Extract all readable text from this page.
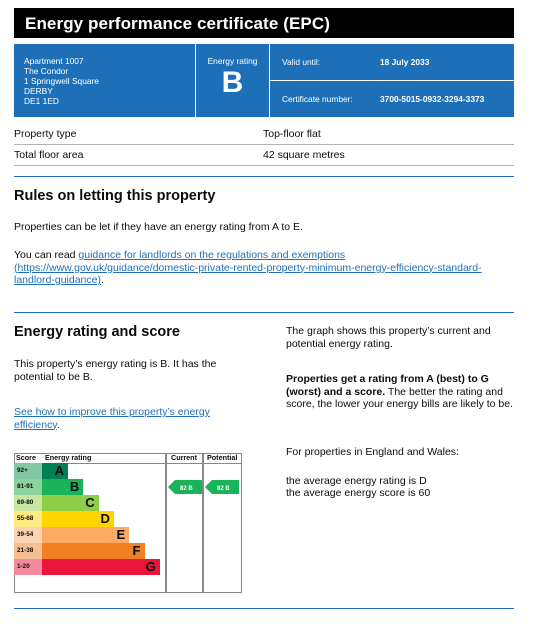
Energy performance certificate (EPC)
Apartment 1007
The Condor
1 Springwell Square
DERBY
DE1 1ED
Energy rating
B
Valid until:	18 July 2033
Certificate number:	3700-5015-0932-3294-3373
Property type	Top-floor flat
Total floor area	42 square metres
Rules on letting this property

Properties can be let if they have an energy rating from A to E.

You can read guidance for landlords on the regulations and exemptions
(https://www.gov.uk/guidance/domestic-private-rented-property-minimum-energy-efficiency-standard-landlord-guidance).

Energy rating and score

This property’s energy rating is B. It has the potential to be B.

See how to improve this property’s energy efficiency.

The graph shows this property’s current and potential energy rating.

Properties get a rating from A (best) to G (worst) and a score. The better the rating and score, the lower your energy bills are likely to be.

For properties in England and Wales:

the average energy rating is D

the average energy score is 60

Score Energy rating	Current Potential
92+	A
81-91	B
69-80	C
55-68	D
39-54	E
21-38	F
1-20	G
82 B	82 B
